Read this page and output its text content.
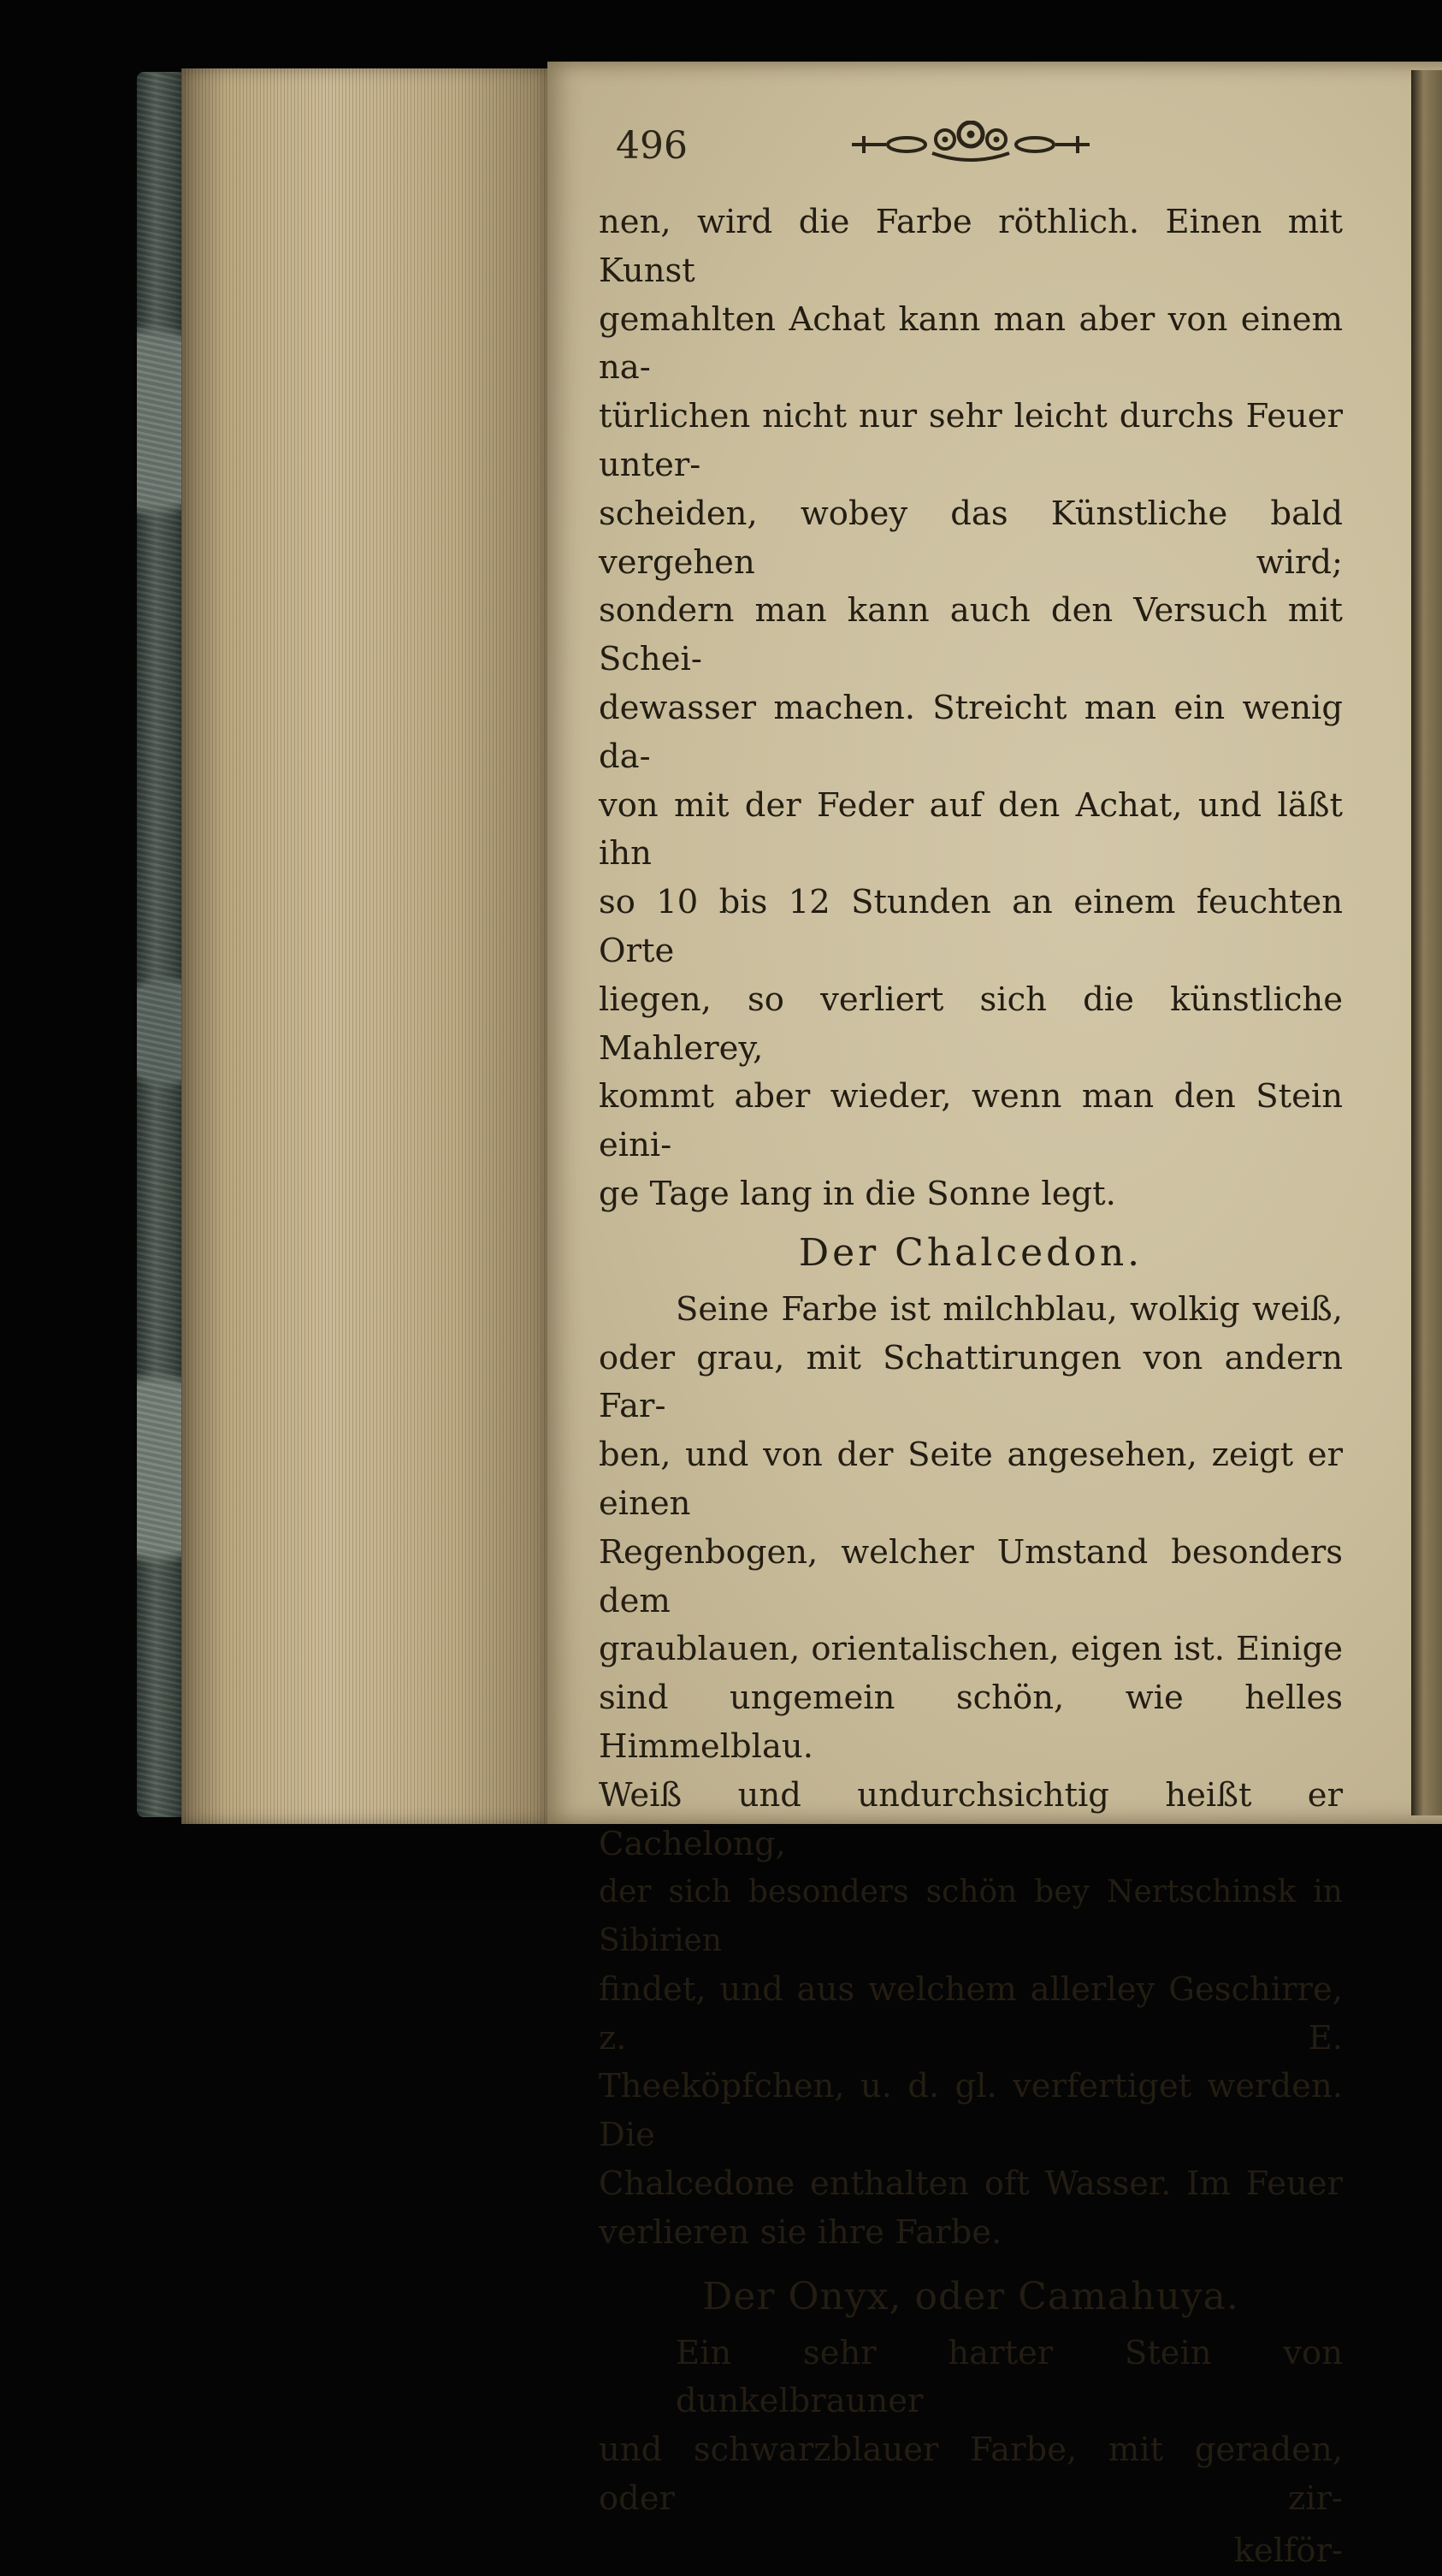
496
nen, wird die Farbe röthlich. Einen mit Kunst
gemahlten Achat kann man aber von einem na-
türlichen nicht nur sehr leicht durchs Feuer unter-
scheiden, wobey das Künstliche bald vergehen wird;
sondern man kann auch den Versuch mit Schei-
dewasser machen. Streicht man ein wenig da-
von mit der Feder auf den Achat, und läßt ihn
so 10 bis 12 Stunden an einem feuchten Orte
liegen, so verliert sich die künstliche Mahlerey,
kommt aber wieder, wenn man den Stein eini-
ge Tage lang in die Sonne legt.
Der Chalcedon.
Seine Farbe ist milchblau, wolkig weiß,
oder grau, mit Schattirungen von andern Far-
ben, und von der Seite angesehen, zeigt er einen
Regenbogen, welcher Umstand besonders dem
graublauen, orientalischen, eigen ist. Einige
sind ungemein schön, wie helles Himmelblau.
Weiß und undurchsichtig heißt er Cachelong,
der sich besonders schön bey Nertschinsk in Sibirien
findet, und aus welchem allerley Geschirre, z. E.
Theeköpfchen, u. d. gl. verfertiget werden. Die
Chalcedone enthalten oft Wasser. Im Feuer
verlieren sie ihre Farbe.
Der Onyx, oder Camahuya.
Ein sehr harter Stein von dunkelbrauner
und schwarzblauer Farbe, mit geraden, oder zir-
kelför-
